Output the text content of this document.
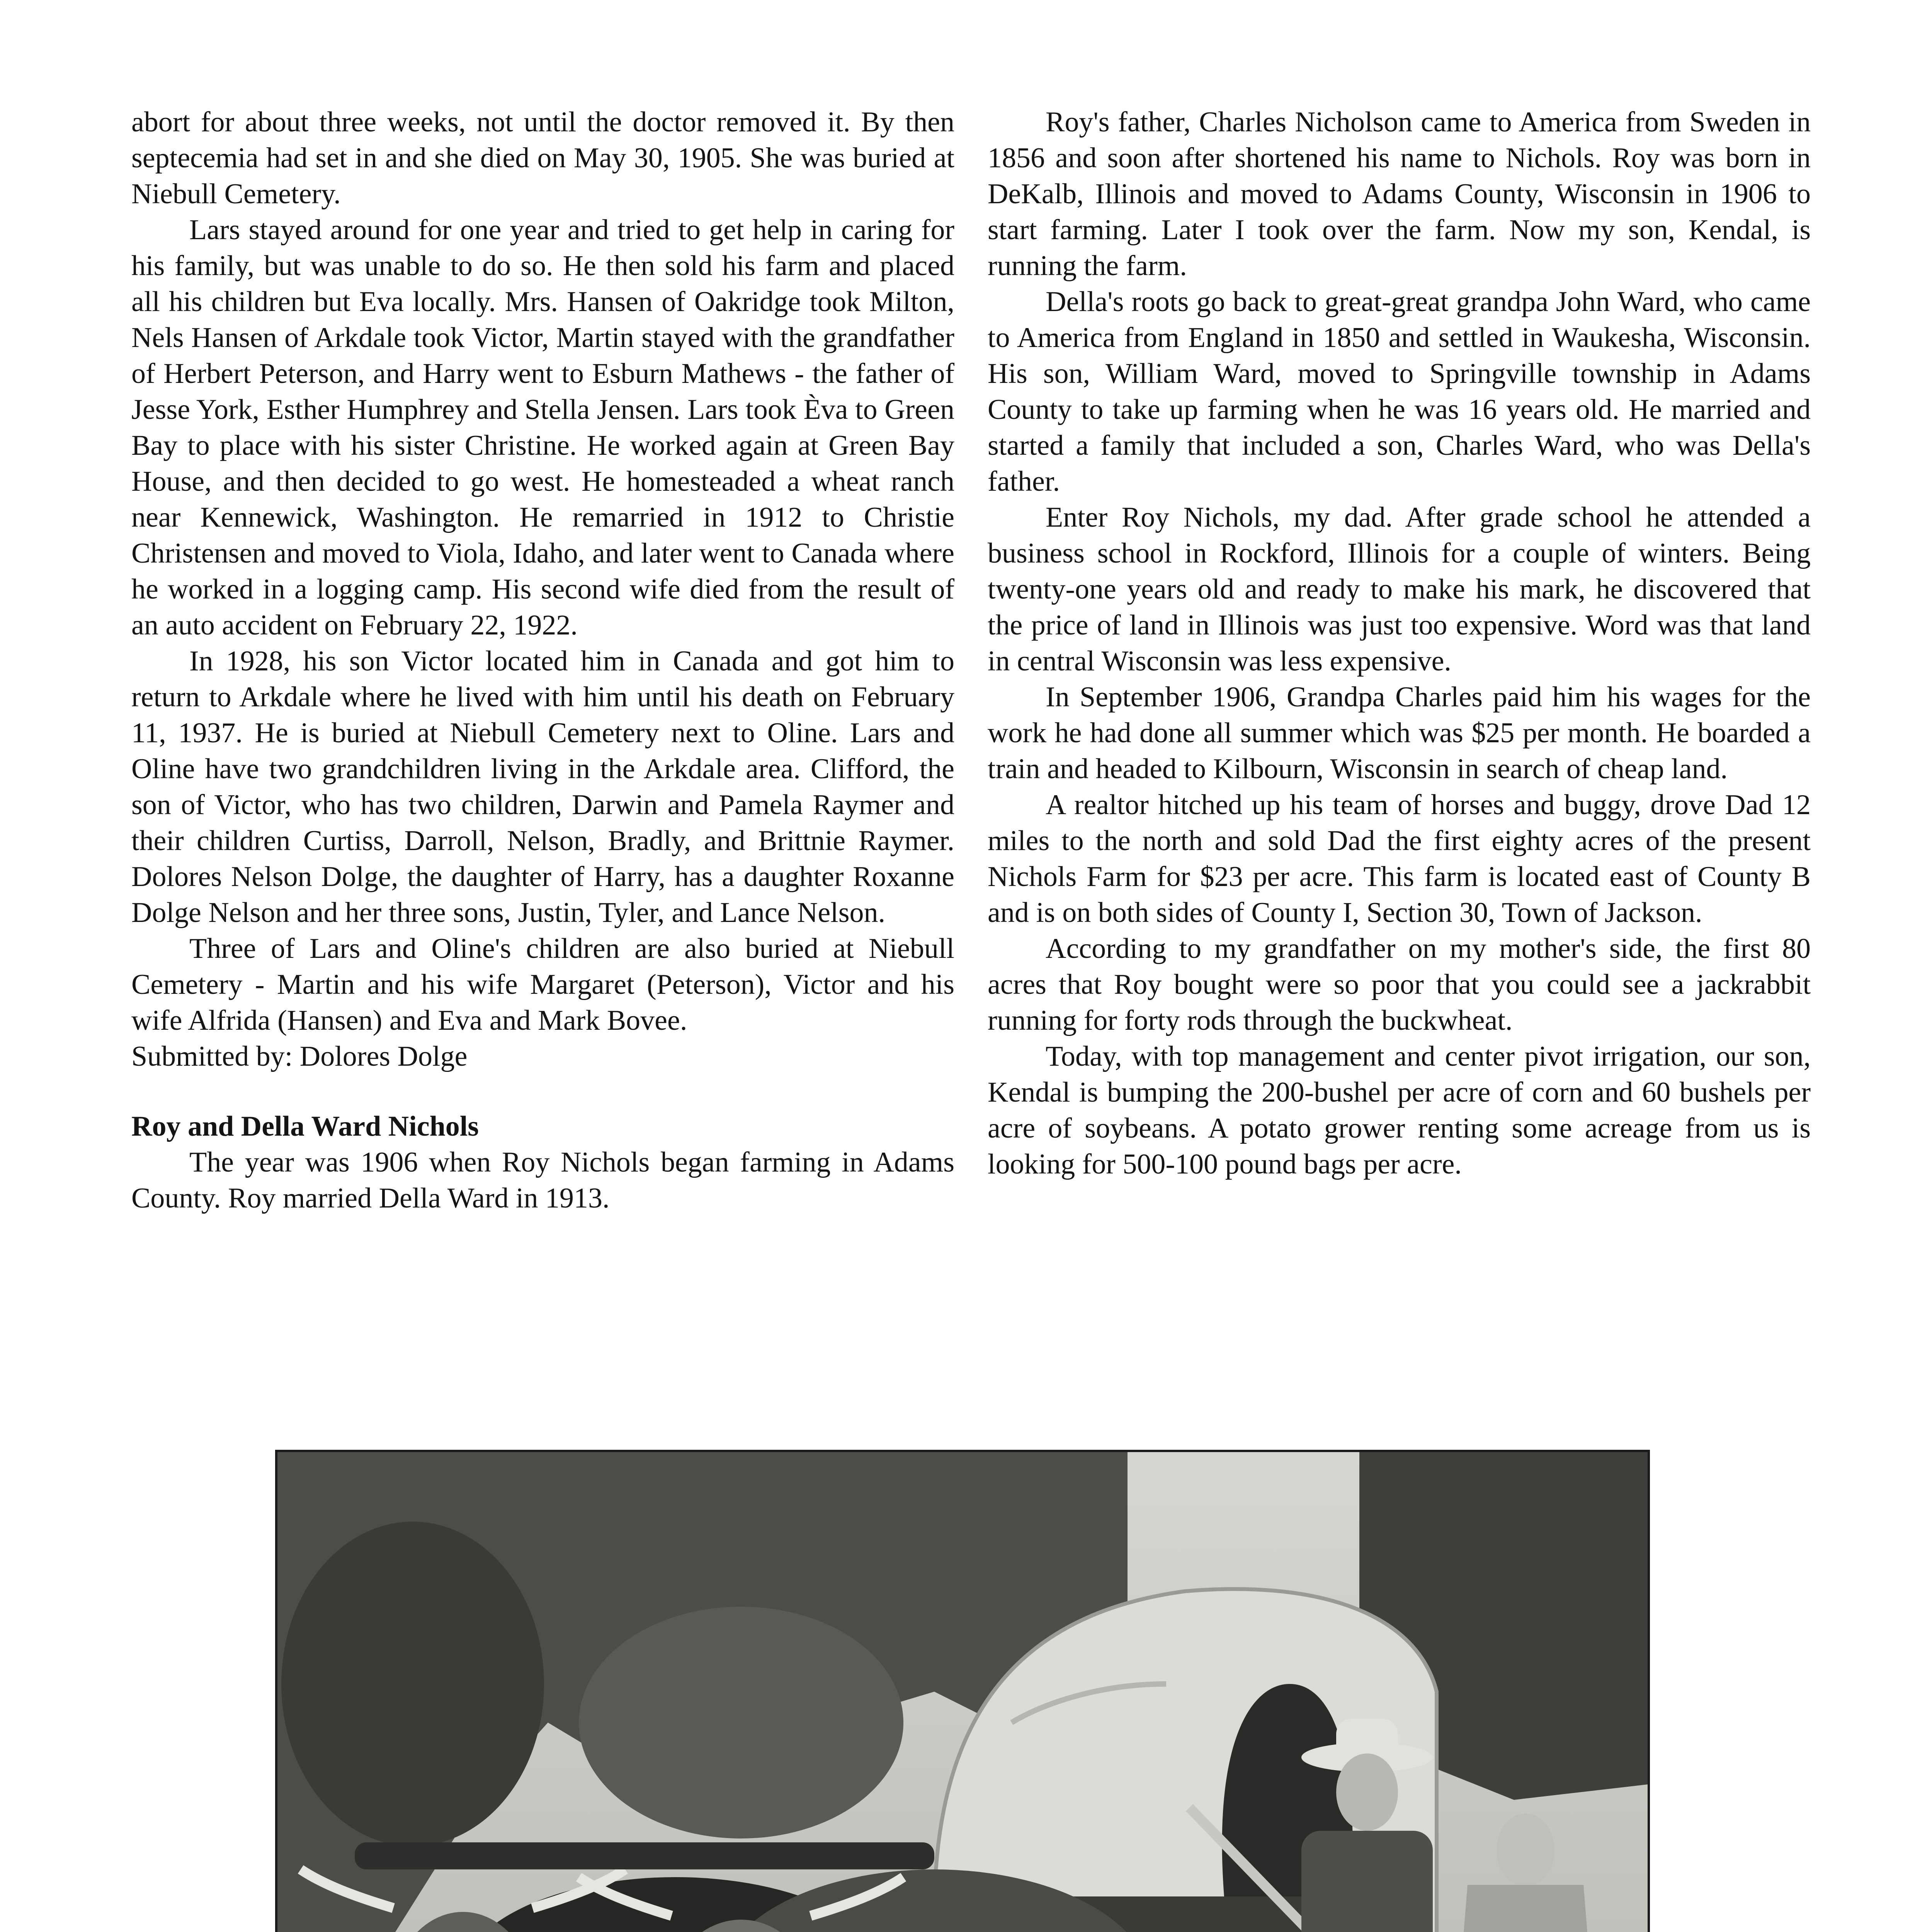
abort for about three weeks, not until the doctor removed it. By then septecemia had set in and she died on May 30, 1905. She was buried at Niebull Cemetery.

Lars stayed around for one year and tried to get help in caring for his family, but was unable to do so. He then sold his farm and placed all his children but Eva locally. Mrs. Hansen of Oakridge took Milton, Nels Hansen of Arkdale took Victor, Martin stayed with the grandfather of Herbert Peterson, and Harry went to Esburn Mathews - the father of Jesse York, Esther Humphrey and Stella Jensen. Lars took Èva to Green Bay to place with his sister Christine. He worked again at Green Bay House, and then decided to go west. He homesteaded a wheat ranch near Kennewick, Washington. He remarried in 1912 to Christie Christensen and moved to Viola, Idaho, and later went to Canada where he worked in a logging camp. His second wife died from the result of an auto accident on February 22, 1922.

In 1928, his son Victor located him in Canada and got him to return to Arkdale where he lived with him until his death on February 11, 1937. He is buried at Niebull Cemetery next to Oline. Lars and Oline have two grandchildren living in the Arkdale area. Clifford, the son of Victor, who has two children, Darwin and Pamela Raymer and their children Curtiss, Darroll, Nelson, Bradly, and Brittnie Raymer. Dolores Nelson Dolge, the daughter of Harry, has a daughter Roxanne Dolge Nelson and her three sons, Justin, Tyler, and Lance Nelson.

Three of Lars and Oline's children are also buried at Niebull Cemetery - Martin and his wife Margaret (Peterson), Victor and his wife Alfrida (Hansen) and Eva and Mark Bovee.

Submitted by: Dolores Dolge

Roy and Della Ward Nichols

The year was 1906 when Roy Nichols began farming in Adams County. Roy married Della Ward in 1913.

Roy's father, Charles Nicholson came to America from Sweden in 1856 and soon after shortened his name to Nichols. Roy was born in DeKalb, Illinois and moved to Adams County, Wisconsin in 1906 to start farming. Later I took over the farm. Now my son, Kendal, is running the farm.

Della's roots go back to great-great grandpa John Ward, who came to America from England in 1850 and settled in Waukesha, Wisconsin. His son, William Ward, moved to Springville township in Adams County to take up farming when he was 16 years old. He married and started a family that included a son, Charles Ward, who was Della's father.

Enter Roy Nichols, my dad. After grade school he attended a business school in Rockford, Illinois for a couple of winters. Being twenty-one years old and ready to make his mark, he discovered that the price of land in Illinois was just too expensive. Word was that land in central Wisconsin was less expensive.

In September 1906, Grandpa Charles paid him his wages for the work he had done all summer which was $25 per month. He boarded a train and headed to Kilbourn, Wisconsin in search of cheap land.

A realtor hitched up his team of horses and buggy, drove Dad 12 miles to the north and sold Dad the first eighty acres of the present Nichols Farm for $23 per acre. This farm is located east of County B and is on both sides of County I, Section 30, Town of Jackson.

According to my grandfather on my mother's side, the first 80 acres that Roy bought were so poor that you could see a jackrabbit running for forty rods through the buckwheat.

Today, with top management and center pivot irrigation, our son, Kendal is bumping the 200-bushel per acre of corn and 60 bushels per acre of soybeans. A potato grower renting some acreage from us is looking for 500-100 pound bags per acre.
